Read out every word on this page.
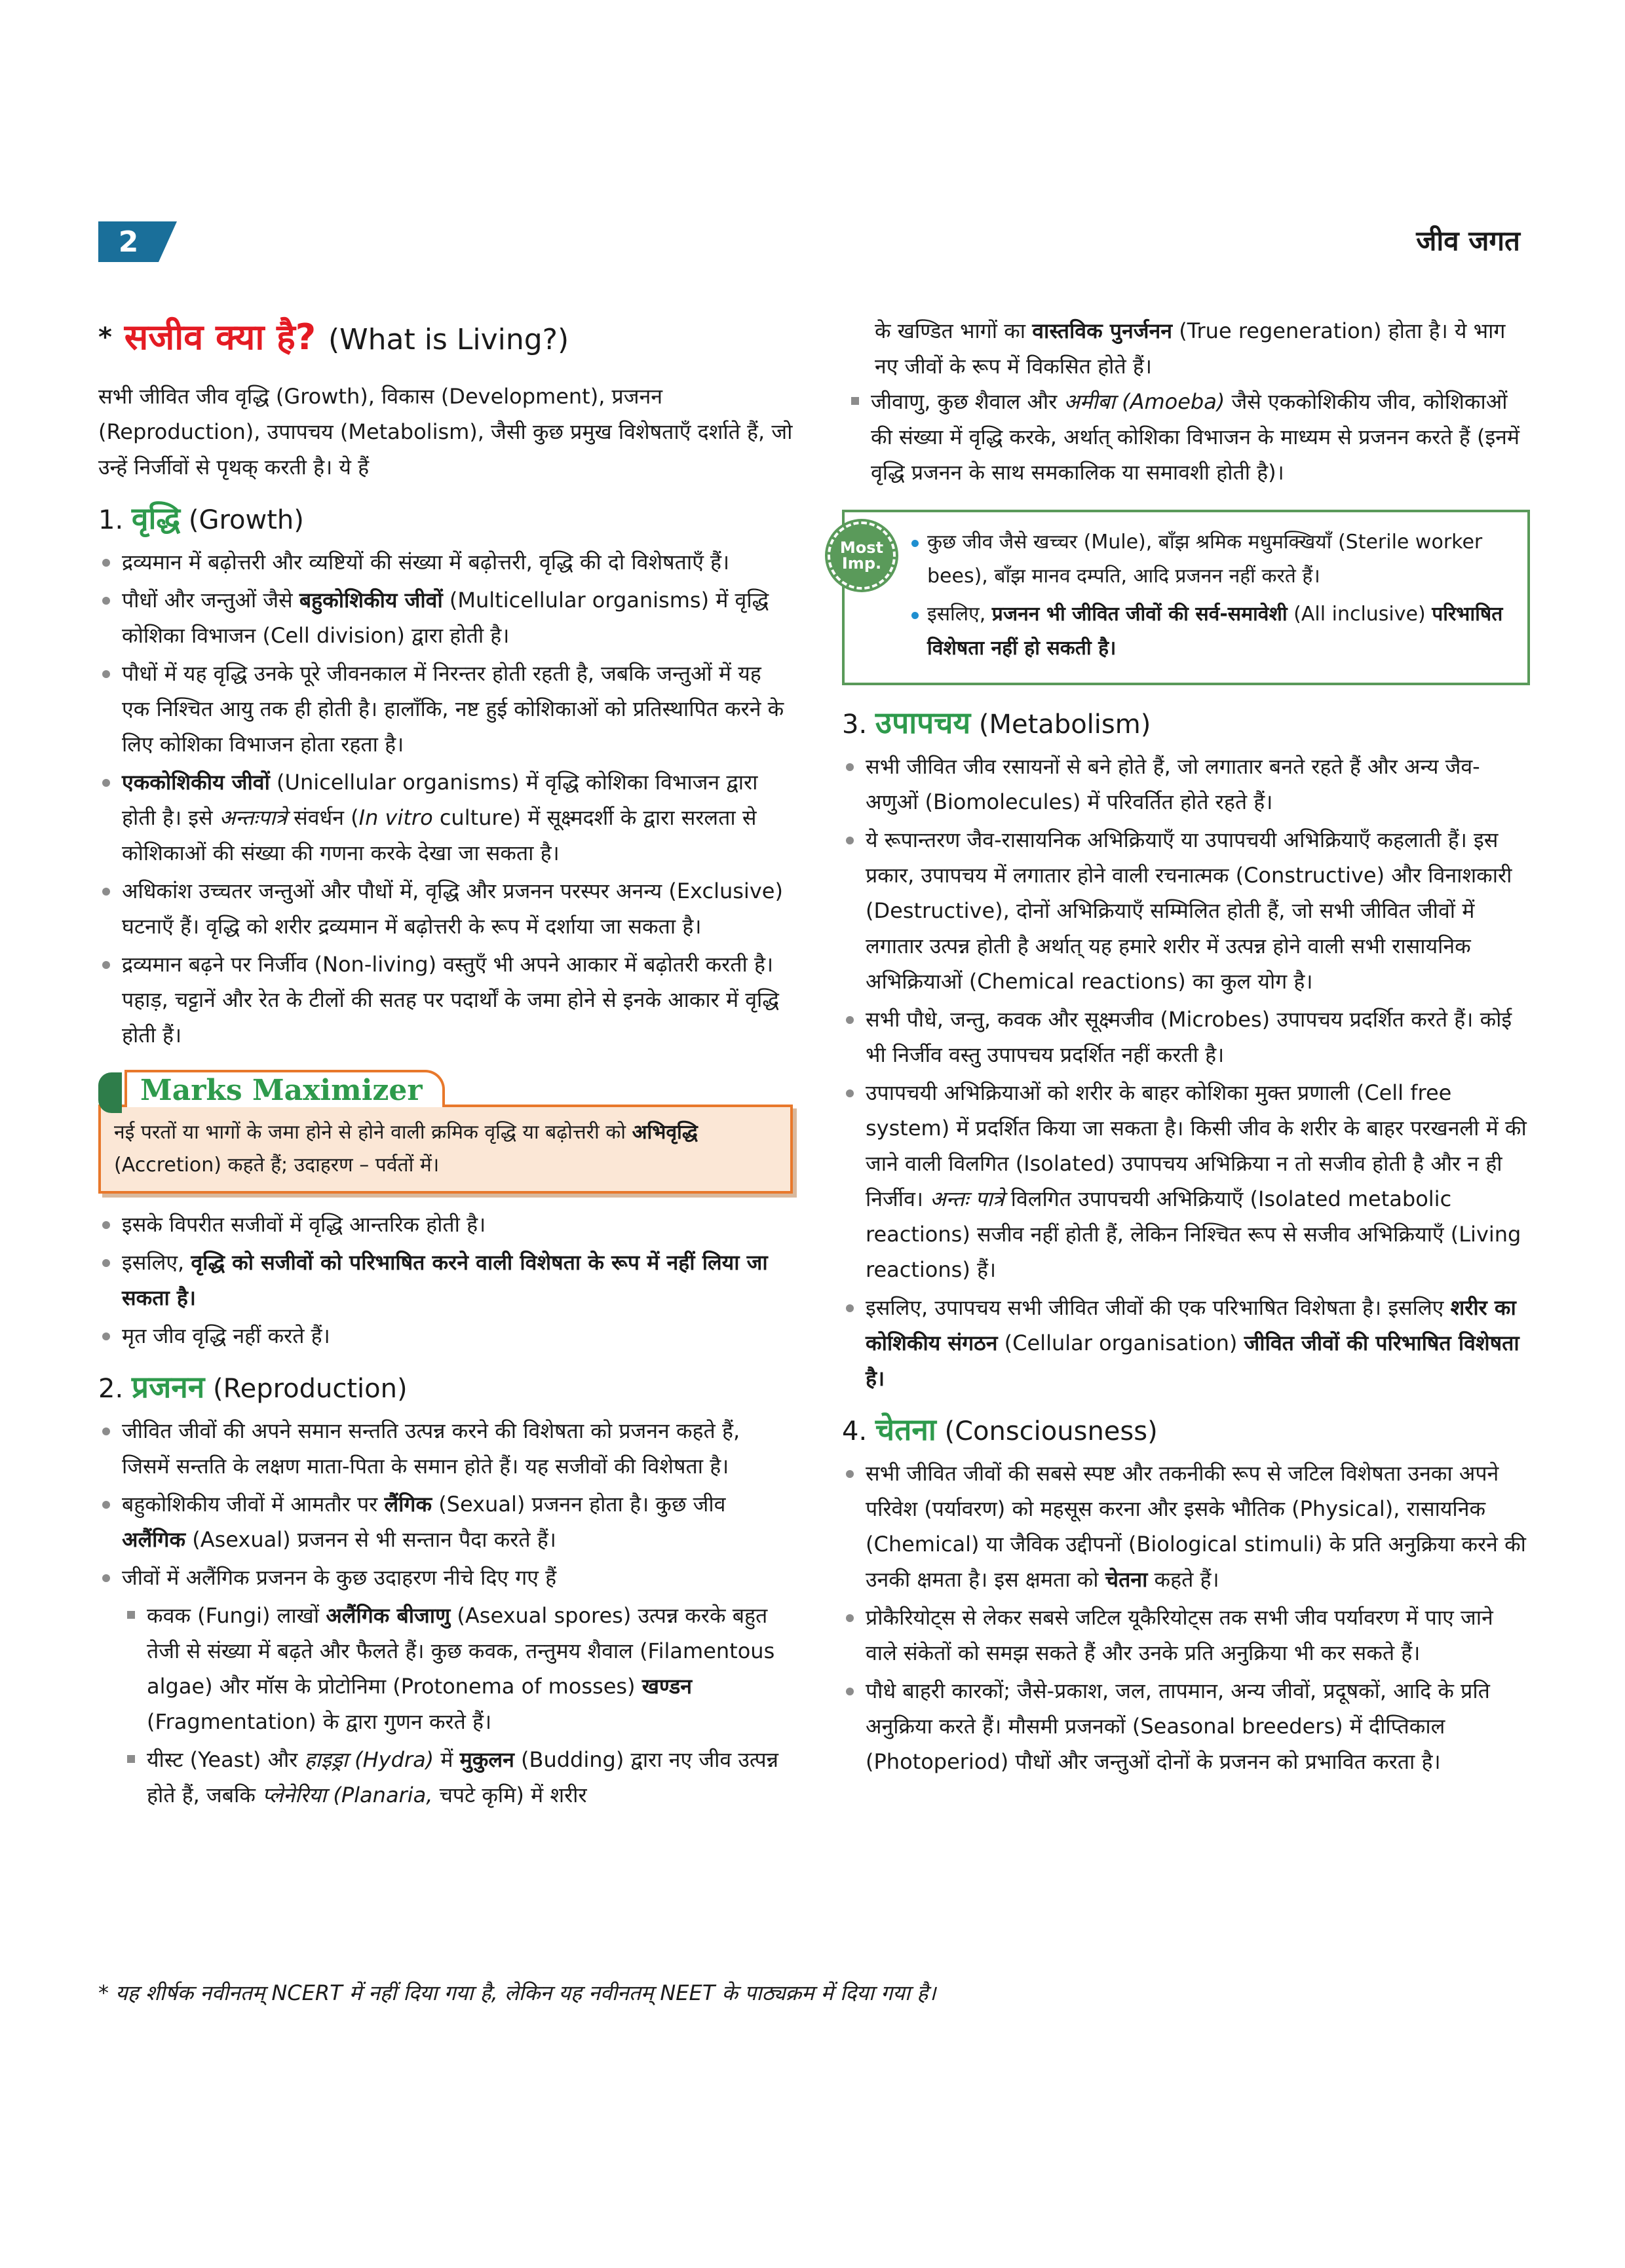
2	जीव जगत
* सजीव क्या है? (What is Living?)

सभी जीवित जीव वृद्धि (Growth), विकास (Development), प्रजनन (Reproduction), उपापचय (Metabolism), जैसी कुछ प्रमुख विशेषताएँ दर्शाते हैं, जो उन्हें निर्जीवों से पृथक् करती है। ये हैं

1. वृद्धि (Growth)
द्रव्यमान में बढ़ोत्तरी और व्यष्टियों की संख्या में बढ़ोत्तरी, वृद्धि की दो विशेषताएँ हैं।
पौधों और जन्तुओं जैसे बहुकोशिकीय जीवों (Multicellular organisms) में वृद्धि कोशिका विभाजन (Cell division) द्वारा होती है।
पौधों में यह वृद्धि उनके पूरे जीवनकाल में निरन्तर होती रहती है, जबकि जन्तुओं में यह एक निश्चित आयु तक ही होती है। हालाँकि, नष्ट हुई कोशिकाओं को प्रतिस्थापित करने के लिए कोशिका विभाजन होता रहता है।
एककोशिकीय जीवों (Unicellular organisms) में वृद्धि कोशिका विभाजन द्वारा होती है। इसे अन्तःपात्रे संवर्धन (In vitro culture) में सूक्ष्मदर्शी के द्वारा सरलता से कोशिकाओं की संख्या की गणना करके देखा जा सकता है।
अधिकांश उच्चतर जन्तुओं और पौधों में, वृद्धि और प्रजनन परस्पर अनन्य (Exclusive) घटनाएँ हैं। वृद्धि को शरीर द्रव्यमान में बढ़ोत्तरी के रूप में दर्शाया जा सकता है।
द्रव्यमान बढ़ने पर निर्जीव (Non-living) वस्तुएँ भी अपने आकार में बढ़ोतरी करती है। पहाड़, चट्टानें और रेत के टीलों की सतह पर पदार्थों के जमा होने से इनके आकार में वृद्धि होती हैं।
Marks Maximizer
नई परतों या भागों के जमा होने से होने वाली क्रमिक वृद्धि या बढ़ोत्तरी को अभिवृद्धि (Accretion) कहते हैं; उदाहरण – पर्वतों में।
इसके विपरीत सजीवों में वृद्धि आन्तरिक होती है।
इसलिए, वृद्धि को सजीवों को परिभाषित करने वाली विशेषता के रूप में नहीं लिया जा सकता है।
मृत जीव वृद्धि नहीं करते हैं।
2. प्रजनन (Reproduction)
जीवित जीवों की अपने समान सन्तति उत्पन्न करने की विशेषता को प्रजनन कहते हैं, जिसमें सन्तति के लक्षण माता-पिता के समान होते हैं। यह सजीवों की विशेषता है।
बहुकोशिकीय जीवों में आमतौर पर लैंगिक (Sexual) प्रजनन होता है। कुछ जीव अलैंगिक (Asexual) प्रजनन से भी सन्तान पैदा करते हैं।
जीवों में अलैंगिक प्रजनन के कुछ उदाहरण नीचे दिए गए हैं
कवक (Fungi) लाखों अलैंगिक बीजाणु (Asexual spores) उत्पन्न करके बहुत तेजी से संख्या में बढ़ते और फैलते हैं। कुछ कवक, तन्तुमय शैवाल (Filamentous algae) और मॉस के प्रोटोनिमा (Protonema of mosses) खण्डन (Fragmentation) के द्वारा गुणन करते हैं।
यीस्ट (Yeast) और हाइड्रा (Hydra) में मुकुलन (Budding) द्वारा नए जीव उत्पन्न होते हैं, जबकि प्लेनेरिया (Planaria, चपटे कृमि) में शरीर

के खण्डित भागों का वास्तविक पुनर्जनन (True regeneration) होता है। ये भाग नए जीवों के रूप में विकसित होते हैं।

जीवाणु, कुछ शैवाल और अमीबा (Amoeba) जैसे एककोशिकीय जीव, कोशिकाओं की संख्या में वृद्धि करके, अर्थात् कोशिका विभाजन के माध्यम से प्रजनन करते हैं (इनमें वृद्धि प्रजनन के साथ समकालिक या समावशी होती है)।
Most
Imp.
कुछ जीव जैसे खच्चर (Mule), बाँझ श्रमिक मधुमक्खियाँ (Sterile worker bees), बाँझ मानव दम्पति, आदि प्रजनन नहीं करते हैं।
इसलिए, प्रजनन भी जीवित जीवों की सर्व-समावेशी (All inclusive) परिभाषित विशेषता नहीं हो सकती है।
3. उपापचय (Metabolism)
सभी जीवित जीव रसायनों से बने होते हैं, जो लगातार बनते रहते हैं और अन्य जैव-अणुओं (Biomolecules) में परिवर्तित होते रहते हैं।
ये रूपान्तरण जैव-रासायनिक अभिक्रियाएँ या उपापचयी अभिक्रियाएँ कहलाती हैं। इस प्रकार, उपापचय में लगातार होने वाली रचनात्मक (Constructive) और विनाशकारी (Destructive), दोनों अभिक्रियाएँ सम्मिलित होती हैं, जो सभी जीवित जीवों में लगातार उत्पन्न होती है अर्थात् यह हमारे शरीर में उत्पन्न होने वाली सभी रासायनिक अभिक्रियाओं (Chemical reactions) का कुल योग है।
सभी पौधे, जन्तु, कवक और सूक्ष्मजीव (Microbes) उपापचय प्रदर्शित करते हैं। कोई भी निर्जीव वस्तु उपापचय प्रदर्शित नहीं करती है।
उपापचयी अभिक्रियाओं को शरीर के बाहर कोशिका मुक्त प्रणाली (Cell free system) में प्रदर्शित किया जा सकता है। किसी जीव के शरीर के बाहर परखनली में की जाने वाली विलगित (Isolated) उपापचय अभिक्रिया न तो सजीव होती है और न ही निर्जीव। अन्तः पात्रे विलगित उपापचयी अभिक्रियाएँ (Isolated metabolic reactions) सजीव नहीं होती हैं, लेकिन निश्चित रूप से सजीव अभिक्रियाएँ (Living reactions) हैं।
इसलिए, उपापचय सभी जीवित जीवों की एक परिभाषित विशेषता है। इसलिए शरीर का कोशिकीय संगठन (Cellular organisation) जीवित जीवों की परिभाषित विशेषता है।
4. चेतना (Consciousness)
सभी जीवित जीवों की सबसे स्पष्ट और तकनीकी रूप से जटिल विशेषता उनका अपने परिवेश (पर्यावरण) को महसूस करना और इसके भौतिक (Physical), रासायनिक (Chemical) या जैविक उद्दीपनों (Biological stimuli) के प्रति अनुक्रिया करने की उनकी क्षमता है। इस क्षमता को चेतना कहते हैं।
प्रोकैरियोट्स से लेकर सबसे जटिल यूकैरियोट्स तक सभी जीव पर्यावरण में पाए जाने वाले संकेतों को समझ सकते हैं और उनके प्रति अनुक्रिया भी कर सकते हैं।
पौधे बाहरी कारकों; जैसे-प्रकाश, जल, तापमान, अन्य जीवों, प्रदूषकों, आदि के प्रति अनुक्रिया करते हैं। मौसमी प्रजनकों (Seasonal breeders) में दीप्तिकाल (Photoperiod) पौधों और जन्तुओं दोनों के प्रजनन को प्रभावित करता है।
* यह शीर्षक नवीनतम् NCERT में नहीं दिया गया है, लेकिन यह नवीनतम् NEET के पाठ्यक्रम में दिया गया है।
